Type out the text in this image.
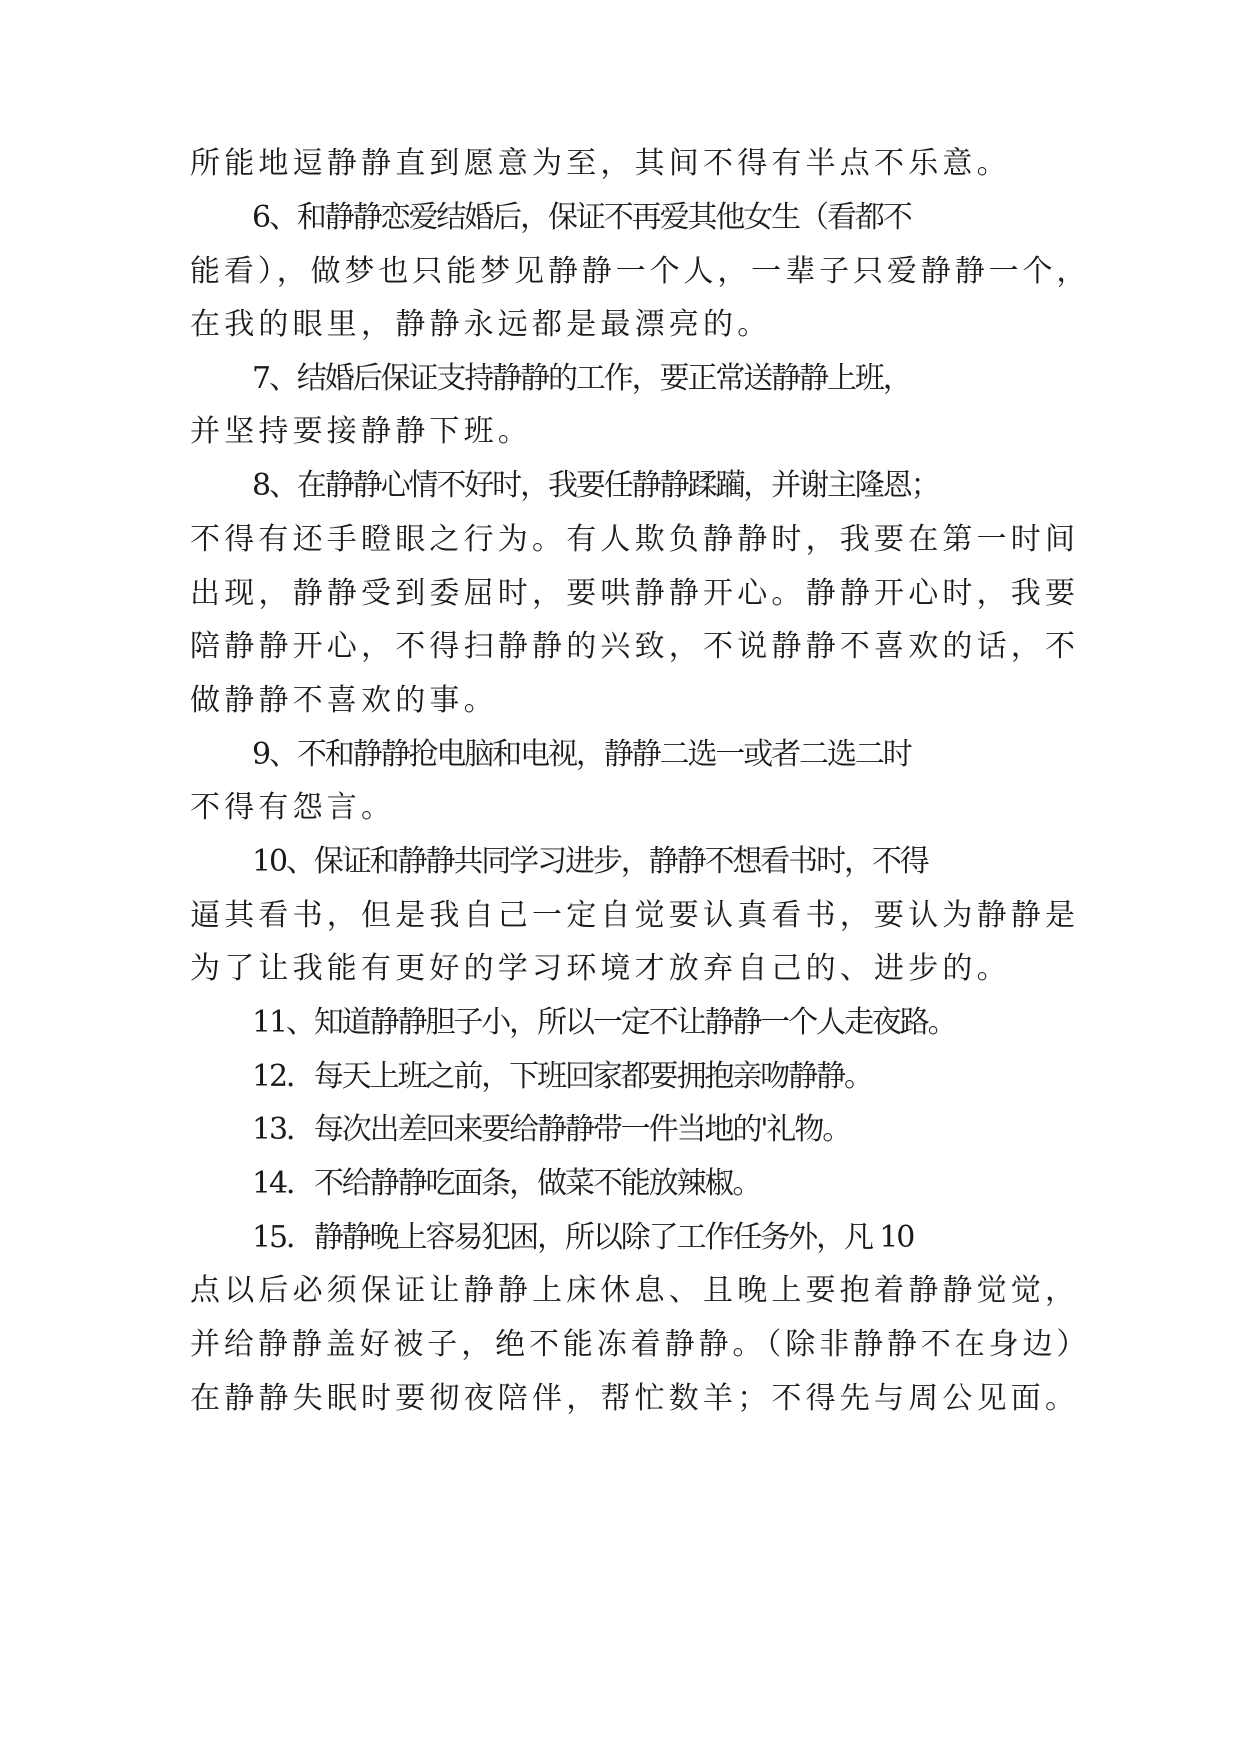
所能地逗静静直到愿意为至，其间不得有半点不乐意。
6、和静静恋爱结婚后，保证不再爱其他女生（看都不
能看），做梦也只能梦见静静一个人，一辈子只爱静静一个，
在我的眼里，静静永远都是最漂亮的。
7、结婚后保证支持静静的工作，要正常送静静上班，
并坚持要接静静下班。
8、在静静心情不好时，我要任静静蹂躏，并谢主隆恩；
不得有还手瞪眼之行为。有人欺负静静时，我要在第一时间
出现，静静受到委屈时，要哄静静开心。静静开心时，我要
陪静静开心，不得扫静静的兴致，不说静静不喜欢的话，不
做静静不喜欢的事。
9、不和静静抢电脑和电视，静静二选一或者二选二时
不得有怨言。
10、保证和静静共同学习进步，静静不想看书时，不得
逼其看书，但是我自己一定自觉要认真看书，要认为静静是
为了让我能有更好的学习环境才放弃自己的、进步的。
11、知道静静胆子小，所以一定不让静静一个人走夜路。
12．每天上班之前，下班回家都要拥抱亲吻静静。
13．每次出差回来要给静静带一件当地的'礼物。
14．不给静静吃面条，做菜不能放辣椒。
15．静静晚上容易犯困，所以除了工作任务外，凡 10
点以后必须保证让静静上床休息、且晚上要抱着静静觉觉，
并给静静盖好被子，绝不能冻着静静。（除非静静不在身边）
在静静失眠时要彻夜陪伴，帮忙数羊；不得先与周公见面。
